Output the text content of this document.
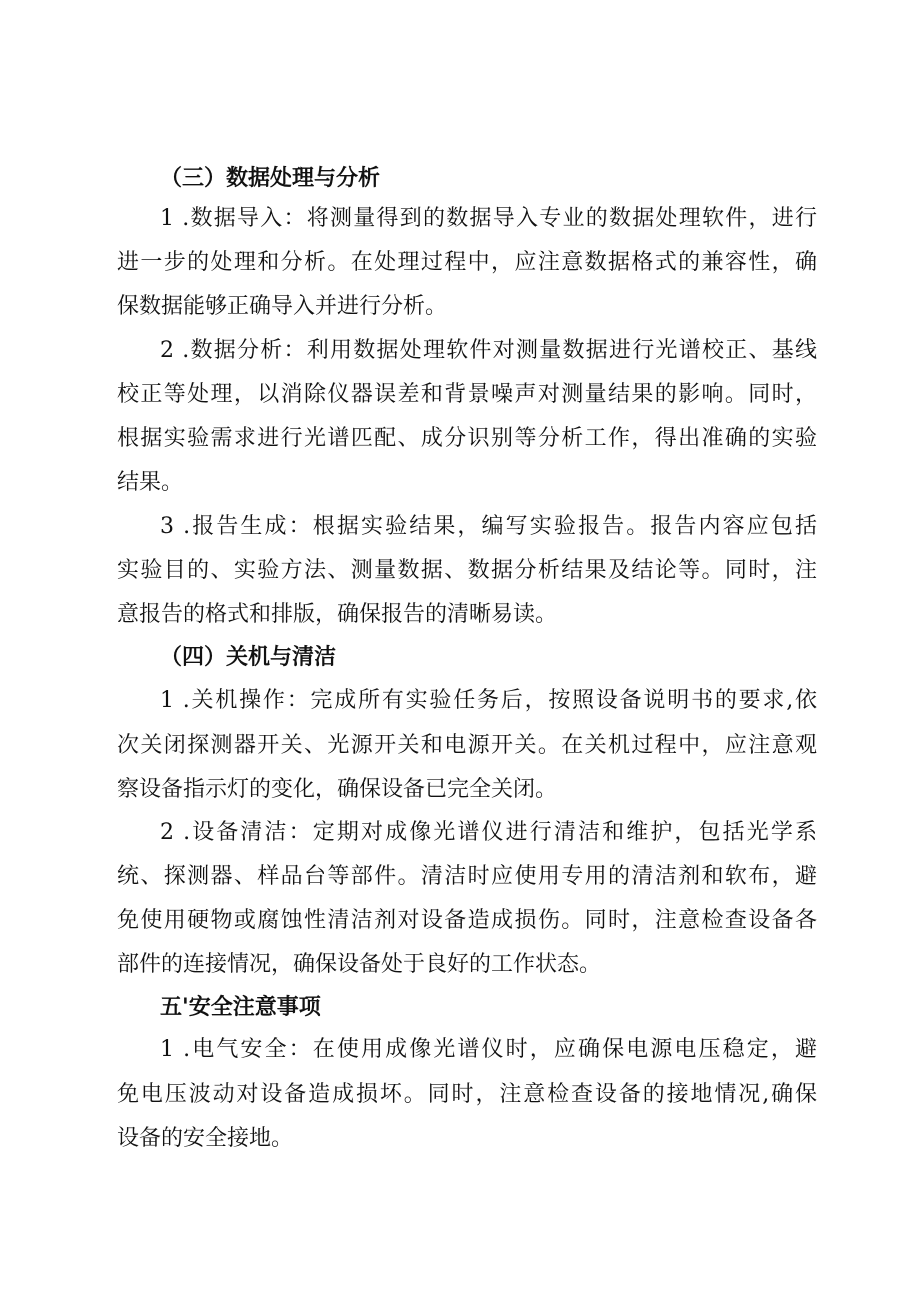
（三）数据处理与分析
1 .数据导入：将测量得到的数据导入专业的数据处理软件，进行
进一步的处理和分析。在处理过程中，应注意数据格式的兼容性，确
保数据能够正确导入并进行分析。
2 .数据分析：利用数据处理软件对测量数据进行光谱校正、基线
校正等处理，以消除仪器误差和背景噪声对测量结果的影响。同时，
根据实验需求进行光谱匹配、成分识别等分析工作，得出准确的实验
结果。
3 .报告生成：根据实验结果，编写实验报告。报告内容应包括
实验目的、实验方法、测量数据、数据分析结果及结论等。同时，注
意报告的格式和排版，确保报告的清晰易读。
（四）关机与清洁
1 .关机操作：完成所有实验任务后，按照设备说明书的要求,依
次关闭探测器开关、光源开关和电源开关。在关机过程中，应注意观
察设备指示灯的变化，确保设备已完全关闭。
2 .设备清洁：定期对成像光谱仪进行清洁和维护，包括光学系
统、探测器、样品台等部件。清洁时应使用专用的清洁剂和软布，避
免使用硬物或腐蚀性清洁剂对设备造成损伤。同时，注意检查设备各
部件的连接情况，确保设备处于良好的工作状态。
五'安全注意事项
1 .电气安全：在使用成像光谱仪时，应确保电源电压稳定，避
免电压波动对设备造成损坏。同时，注意检查设备的接地情况,确保
设备的安全接地。
